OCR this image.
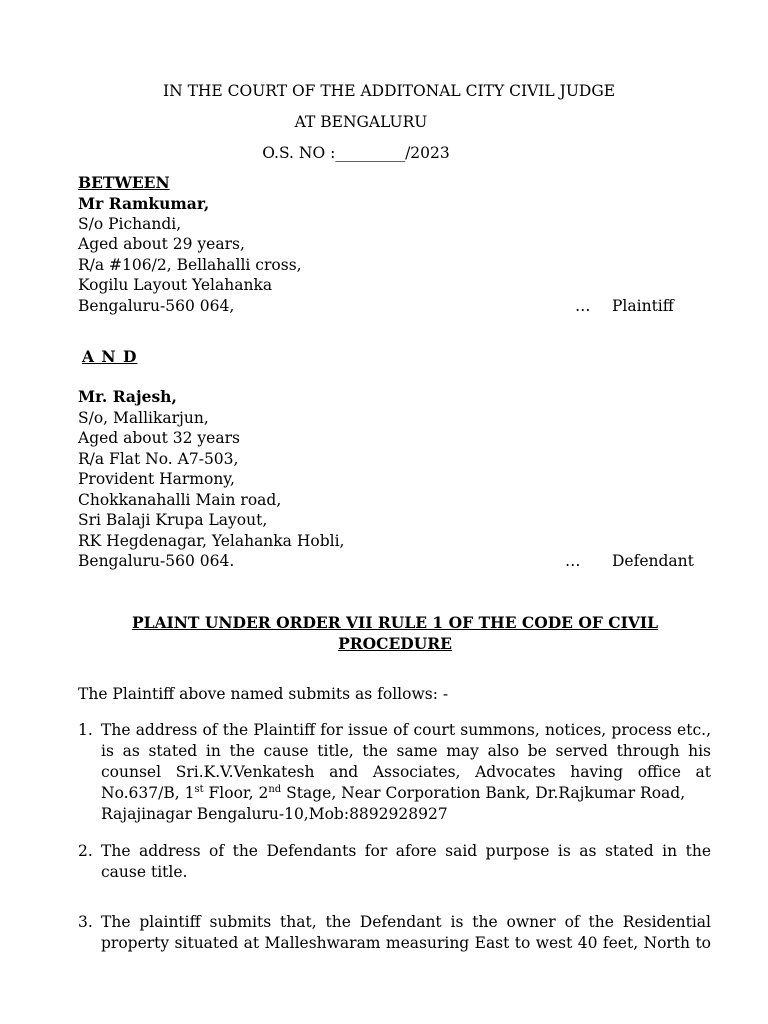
IN THE COURT OF THE ADDITONAL CITY CIVIL JUDGE
AT BENGALURU
O.S. NO :_________/2023
BETWEEN
Mr Ramkumar,
S/o Pichandi,
Aged about 29 years,
R/a #106/2, Bellahalli cross,
Kogilu Layout Yelahanka
Bengaluru-560 064,	… Plaintiff
A N D
Mr. Rajesh,
S/o, Mallikarjun,
Aged about 32 years
R/a Flat No. A7-503,
Provident Harmony,
Chokkanahalli Main road,
Sri Balaji Krupa Layout,
RK Hegdenagar, Yelahanka Hobli,
Bengaluru-560 064.	… Defendant
PLAINT UNDER ORDER VII RULE 1 OF THE CODE OF CIVIL
PROCEDURE
The Plaintiff above named submits as follows: -
1. The address of the Plaintiff for issue of court summons, notices, process etc.,
is as stated in the cause title, the same may also be served through his
counsel Sri.K.V.Venkatesh and Associates, Advocates having office at
No.637/B, 1st Floor, 2nd Stage, Near Corporation Bank, Dr.Rajkumar Road,
Rajajinagar Bengaluru-10,Mob:8892928927
2. The address of the Defendants for afore said purpose is as stated in the
cause title.
3. The plaintiff submits that, the Defendant is the owner of the Residential
property situated at Malleshwaram measuring East to west 40 feet, North to
